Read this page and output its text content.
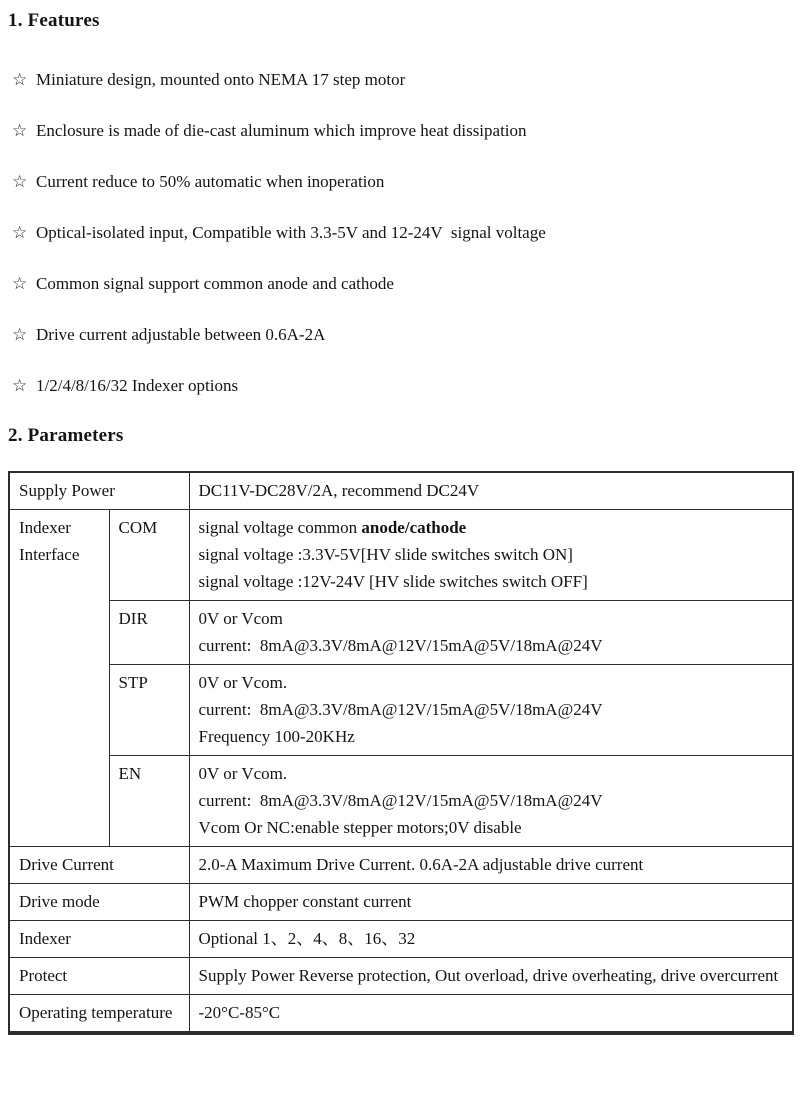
1. Features
☆ Miniature design, mounted onto NEMA 17 step motor
☆ Enclosure is made of die-cast aluminum which improve heat dissipation
☆ Current reduce to 50% automatic when inoperation
☆ Optical-isolated input, Compatible with 3.3-5V and 12-24V  signal voltage
☆ Common signal support common anode and cathode
☆ Drive current adjustable between 0.6A-2A
☆ 1/2/4/8/16/32 Indexer options
2. Parameters
Supply Power		DC11V-DC28V/2A, recommend DC24V
Indexer Interface	COM	signal voltage common anode/cathode
signal voltage :3.3V-5V[HV slide switches switch ON]
signal voltage :12V-24V [HV slide switches switch OFF]

	DIR	0V or Vcom
current:  8mA@3.3V/8mA@12V/15mA@5V/18mA@24V

	STP	0V or Vcom.
current:  8mA@3.3V/8mA@12V/15mA@5V/18mA@24V
Frequency 100-20KHz

	EN	0V or Vcom.
current:  8mA@3.3V/8mA@12V/15mA@5V/18mA@24V
Vcom Or NC:enable stepper motors;0V disable

Drive Current		2.0-A Maximum Drive Current. 0.6A-2A adjustable drive current
Drive mode		PWM chopper constant current
Indexer		Optional 1、2、4、8、16、32
Protect		Supply Power Reverse protection, Out overload, drive overheating, drive overcurrent
Operating temperature		-20°C-85°C
